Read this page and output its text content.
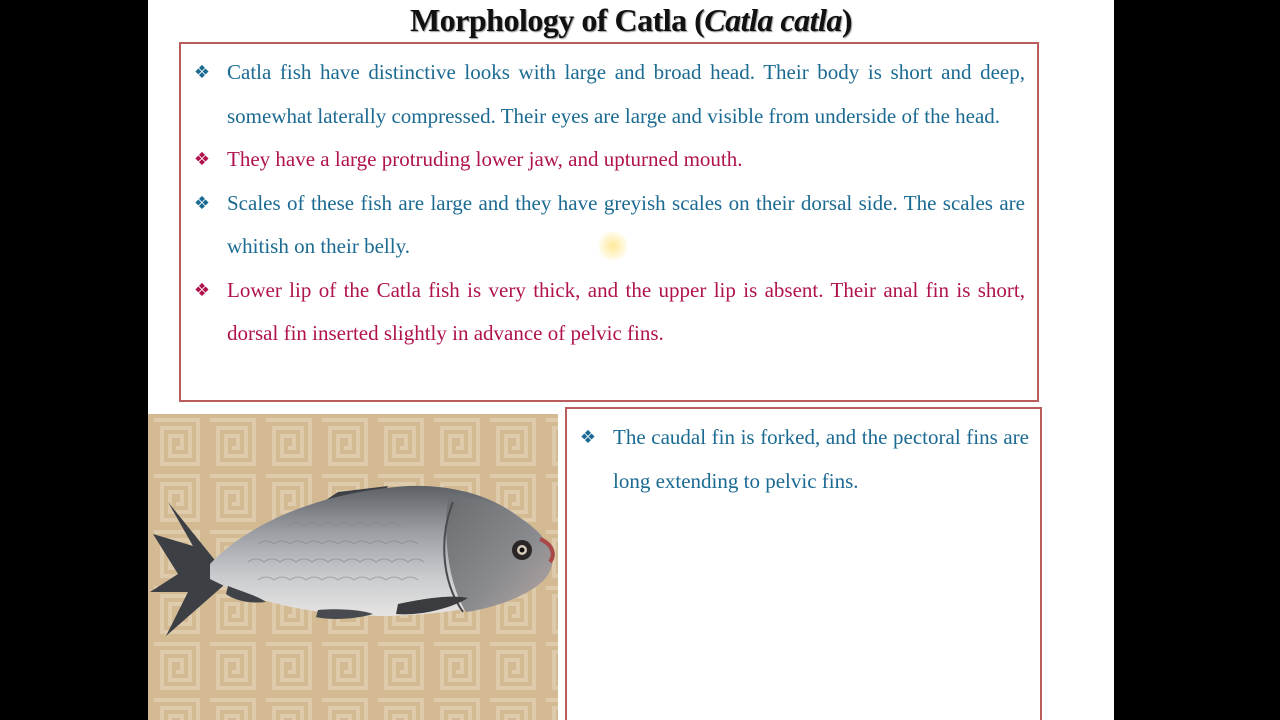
Morphology of Catla (Catla catla)
❖ Catla fish have distinctive looks with large and broad head. Their body is short and deep, somewhat laterally compressed. Their eyes are large and visible from underside of the head.
❖ They have a large protruding lower jaw, and upturned mouth.
❖ Scales of these fish are large and they have greyish scales on their dorsal side. The scales are whitish on their belly.
❖ Lower lip of the Catla fish is very thick, and the upper lip is absent. Their anal fin is short, dorsal fin inserted slightly in advance of pelvic fins.
❖ The caudal fin is forked, and the pectoral fins are long extending to pelvic fins.
